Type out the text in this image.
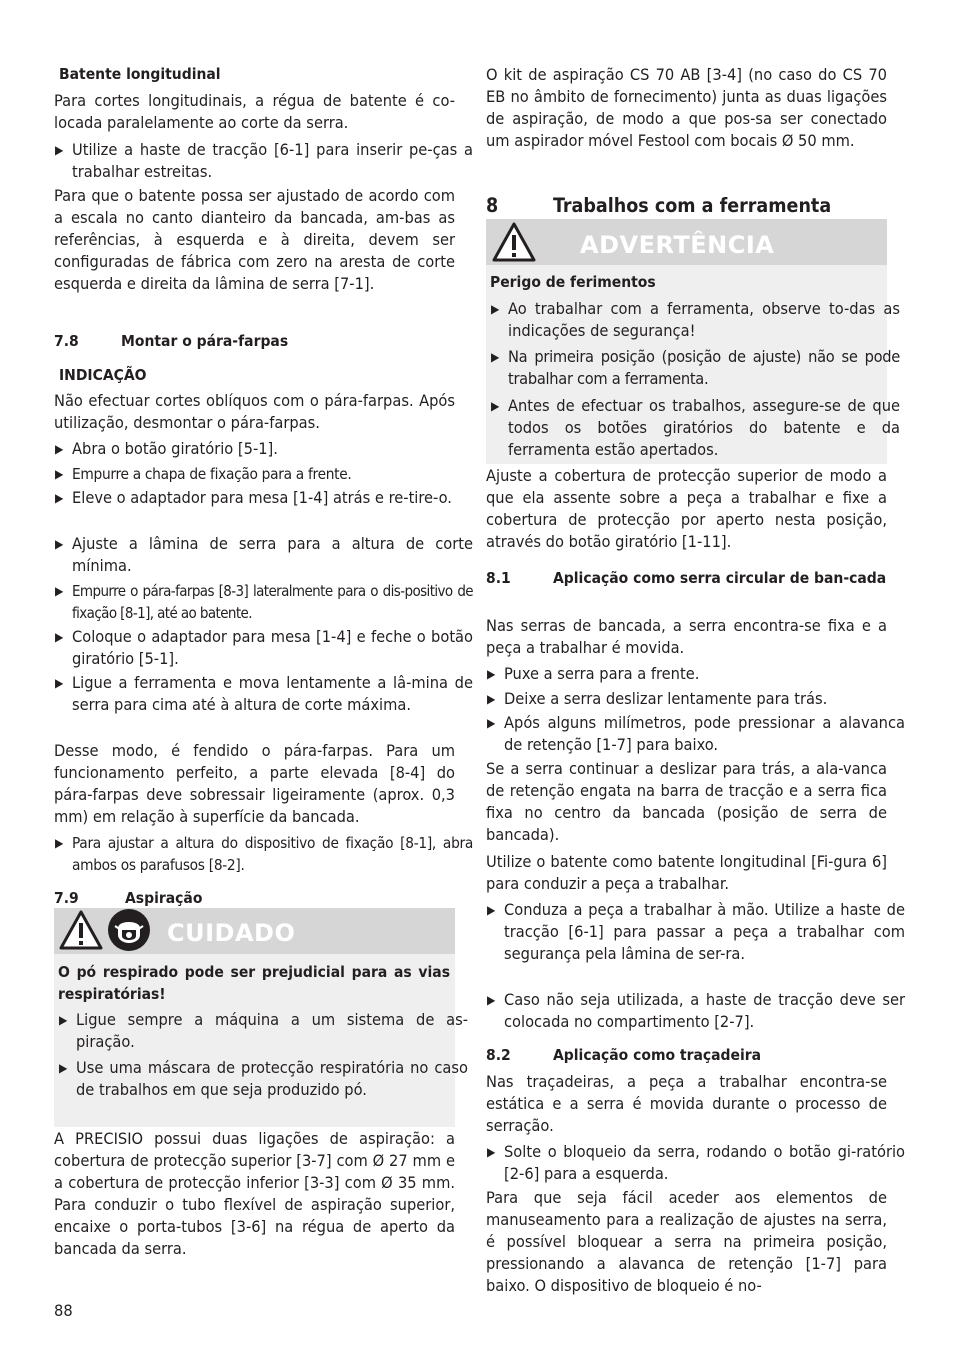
Batente longitudinal
Para cortes longitudinais, a régua de batente é co-locada paralelamente ao corte da serra.
▶ Utilize a haste de tracção [6-1] para inserir pe-ças a trabalhar estreitas.
Para que o batente possa ser ajustado de acordo com a escala no canto dianteiro da bancada, am-bas as referências, à esquerda e à direita, devem ser configuradas de fábrica com zero na aresta de corte esquerda e direita da lâmina de serra [7-1].
7.8	Montar o pára-farpas
INDICAÇÃO
Não efectuar cortes oblíquos com o pára-farpas. Após utilização, desmontar o pára-farpas.
▶ Abra o botão giratório [5-1].
▶ Empurre a chapa de fixação para a frente.
▶ Eleve o adaptador para mesa [1-4] atrás e re-tire-o.
▶ Ajuste a lâmina de serra para a altura de corte mínima.
▶ Empurre o pára-farpas [8-3] lateralmente para o dis-positivo de fixação [8-1], até ao batente.
▶ Coloque o adaptador para mesa [1-4] e feche o botão giratório [5-1].
▶ Ligue a ferramenta e mova lentamente a lâ-mina de serra para cima até à altura de corte máxima.
Desse modo, é fendido o pára-farpas. Para um funcionamento perfeito, a parte elevada [8-4] do pára-farpas deve sobressair ligeiramente (aprox. 0,3 mm) em relação à superfície da bancada.
▶ Para ajustar a altura do dispositivo de fixação [8-1], abra ambos os parafusos [8-2].
7.9	Aspiração
CUIDADO
O pó respirado pode ser prejudicial para as vias respiratórias!
▶ Ligue sempre a máquina a um sistema de as-piração.
▶ Use uma máscara de protecção respiratória no caso de trabalhos em que seja produzido pó.
A PRECISIO possui duas ligações de aspiração: a cobertura de protecção superior [3-7] com Ø 27 mm e a cobertura de protecção inferior [3-3] com Ø 35 mm. Para conduzir o tubo flexível de aspiração superior, encaixe o porta-tubos [3-6] na régua de aperto da bancada da serra.
O kit de aspiração CS 70 AB [3-4] (no caso do CS 70 EB no âmbito de fornecimento) junta as duas ligações de aspiração, de modo a que pos-sa ser conectado um aspirador móvel Festool com bocais Ø 50 mm.
8	Trabalhos com a ferramenta
ADVERTÊNCIA
Perigo de ferimentos
▶ Ao trabalhar com a ferramenta, observe to-das as indicações de segurança!
▶ Na primeira posição (posição de ajuste) não se pode trabalhar com a ferramenta.
▶ Antes de efectuar os trabalhos, assegure-se de que todos os botões giratórios do batente e da ferramenta estão apertados.
Ajuste a cobertura de protecção superior de modo a que ela assente sobre a peça a trabalhar e fixe a cobertura de protecção por aperto nesta posição, através do botão giratório [1-11].
8.1	Aplicação como serra circular de ban-cada
Nas serras de bancada, a serra encontra-se fixa e a peça a trabalhar é movida.
▶ Puxe a serra para a frente.
▶ Deixe a serra deslizar lentamente para trás.
▶ Após alguns milímetros, pode pressionar a alavanca de retenção [1-7] para baixo.
Se a serra continuar a deslizar para trás, a ala-vanca de retenção engata na barra de tracção e a serra fica fixa no centro da bancada (posição de serra de bancada).
Utilize o batente como batente longitudinal [Fi-gura 6] para conduzir a peça a trabalhar.
▶ Conduza a peça a trabalhar à mão. Utilize a haste de tracção [6-1] para passar a peça a trabalhar com segurança pela lâmina de ser-ra.
▶ Caso não seja utilizada, a haste de tracção deve ser colocada no compartimento [2-7].
8.2	Aplicação como traçadeira
Nas traçadeiras, a peça a trabalhar encontra-se estática e a serra é movida durante o processo de serração.
▶ Solte o bloqueio da serra, rodando o botão gi-ratório [2-6] para a esquerda.
Para que seja fácil aceder aos elementos de manuseamento para a realização de ajustes na serra, é possível bloquear a serra na primeira posição, pressionando a alavanca de retenção [1-7] para baixo. O dispositivo de bloqueio é no-
88
